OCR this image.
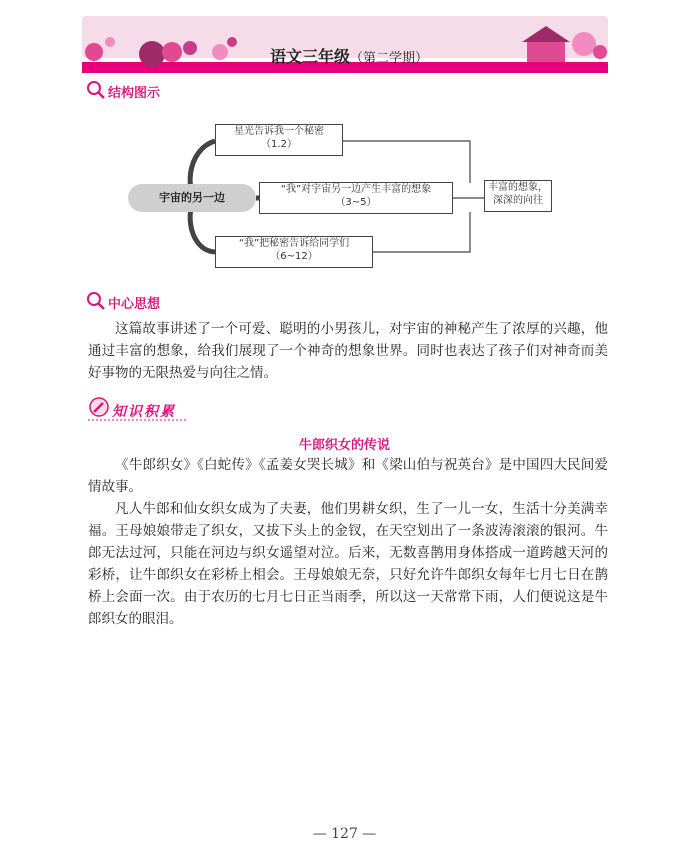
语文三年级（第二学期）
结构图示
宇宙的另一边
星光告诉我一个秘密
（1.2）
“我”对宇宙另一边产生丰富的想象
（3~5）
“我”把秘密告诉给同学们
（6~12）
丰富的想象，
深深的向往
中心思想

这篇故事讲述了一个可爱、聪明的小男孩儿，对宇宙的神秘产生了浓厚的兴趣，他通过丰富的想象，给我们展现了一个神奇的想象世界。同时也表达了孩子们对神奇而美好事物的无限热爱与向往之情。

知识积累
牛郎织女的传说

《牛郎织女》《白蛇传》《孟姜女哭长城》和《梁山伯与祝英台》是中国四大民间爱情故事。

凡人牛郎和仙女织女成为了夫妻，他们男耕女织，生了一儿一女，生活十分美满幸福。王母娘娘带走了织女，又拔下头上的金钗，在天空划出了一条波涛滚滚的银河。牛郎无法过河，只能在河边与织女遥望对泣。后来，无数喜鹊用身体搭成一道跨越天河的彩桥，让牛郎织女在彩桥上相会。王母娘娘无奈，只好允许牛郎织女每年七月七日在鹊桥上会面一次。由于农历的七月七日正当雨季，所以这一天常常下雨，人们便说这是牛郎织女的眼泪。

— 127 —
